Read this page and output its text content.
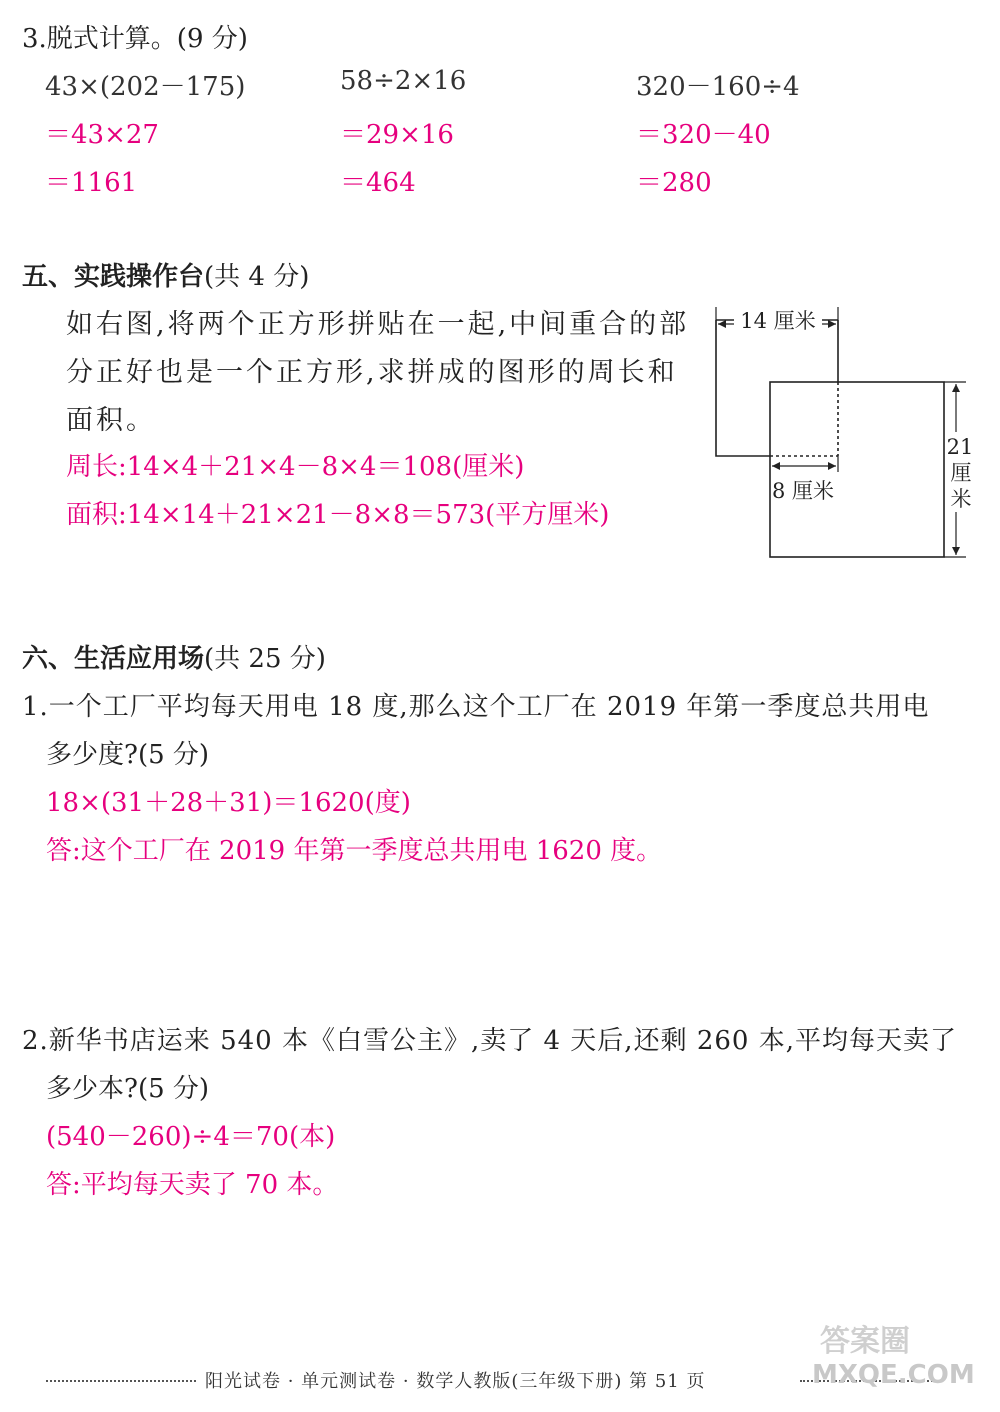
3.脱式计算。(9 分)
43×(202－175)
＝43×27
＝1161
58÷2×16
＝29×16
＝464
320－160÷4
＝320－40
＝280
五、实践操作台(共 4 分)
如右图,将两个正方形拼贴在一起,中间重合的部
分正好也是一个正方形,求拼成的图形的周长和
面积。
周长:14×4＋21×4－8×4＝108(厘米)
面积:14×14＋21×21－8×8＝573(平方厘米)
14 厘米
8 厘米
21
厘
米
六、生活应用场(共 25 分)
1.一个工厂平均每天用电 18 度,那么这个工厂在 2019 年第一季度总共用电
多少度?(5 分)
18×(31＋28＋31)＝1620(度)
答:这个工厂在 2019 年第一季度总共用电 1620 度。
2.新华书店运来 540 本《白雪公主》,卖了 4 天后,还剩 260 本,平均每天卖了
多少本?(5 分)
(540－260)÷4＝70(本)
答:平均每天卖了 70 本。
阳光试卷 · 单元测试卷 · 数学人教版(三年级下册) 第 51 页
答案圈
MXQE.COM
